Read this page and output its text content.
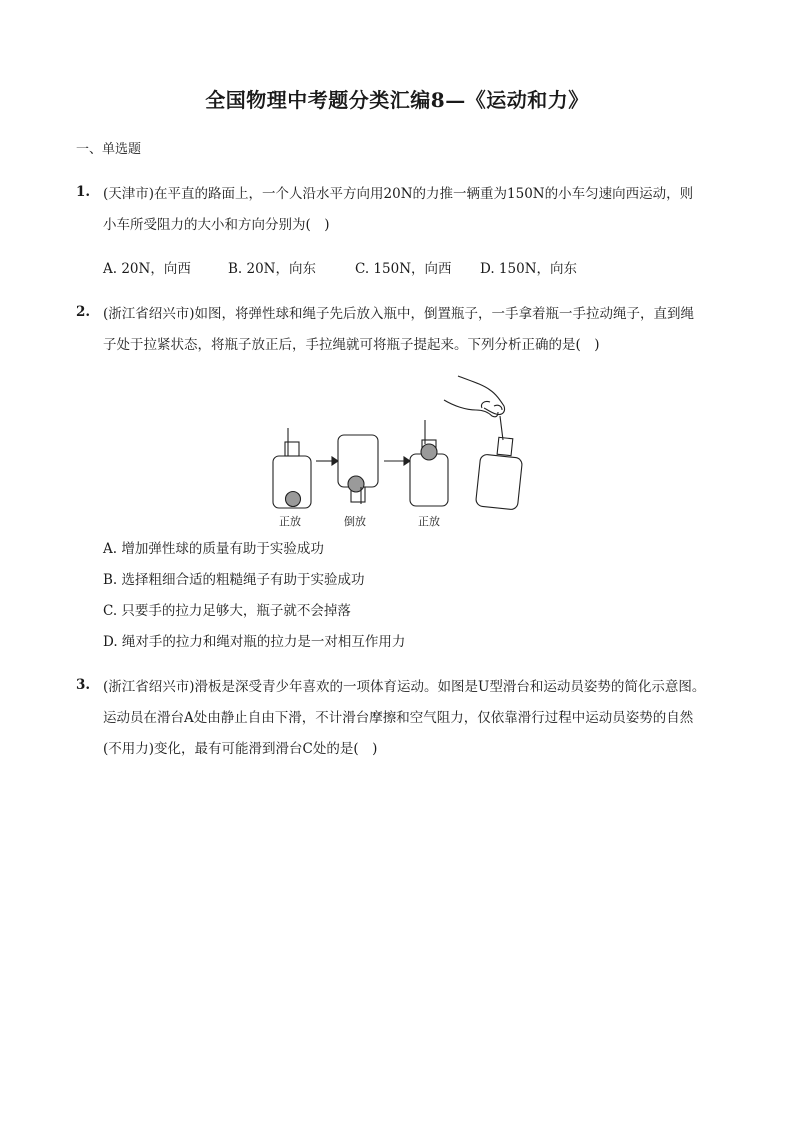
全国物理中考题分类汇编8—《运动和力》
一、单选题
1. (天津市)在平直的路面上，一个人沿水平方向用20N的力推一辆重为150N的小车匀速向西运动，则
小车所受阻力的大小和方向分别为(　)
A. 20N，向西	B. 20N，向东	C. 150N，向西 D. 150N，向东
2. (浙江省绍兴市)如图，将弹性球和绳子先后放入瓶中，倒置瓶子，一手拿着瓶一手拉动绳子，直到绳
子处于拉紧状态，将瓶子放正后，手拉绳就可将瓶子提起来。下列分析正确的是(　)
正放	倒放	正放
A. 增加弹性球的质量有助于实验成功
B. 选择粗细合适的粗糙绳子有助于实验成功
C. 只要手的拉力足够大，瓶子就不会掉落
D. 绳对手的拉力和绳对瓶的拉力是一对相互作用力
3. (浙江省绍兴市)滑板是深受青少年喜欢的一项体育运动。如图是U型滑台和运动员姿势的简化示意图。
运动员在滑台A处由静止自由下滑，不计滑台摩擦和空气阻力，仅依靠滑行过程中运动员姿势的自然
(不用力)变化，最有可能滑到滑台C处的是(　)
